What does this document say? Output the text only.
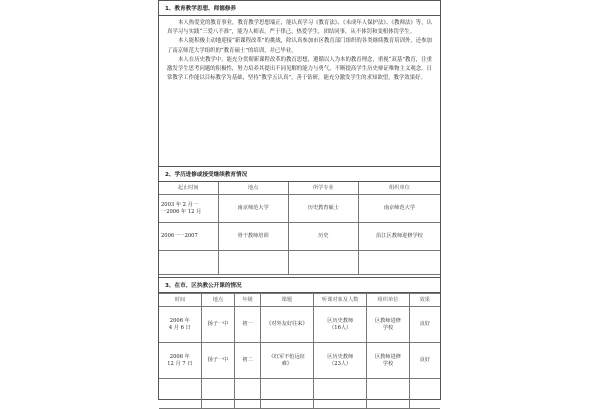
1、教育教学思想、师德修养

本人热爱党的教育事业，教育教学思想端正，能认真学习《教育法》、《未成年人保护法》、《教师法》等，认真学习与实践“三爱八不准”，能为人师表，严于律己，热爱学生，团结同事，从不体罚和变相体罚学生。

本人能积极主动地迎接“新课程改革”的挑战，除认真参加市区教育部门组织的各类继续教育培训外，还参加了南京师范大学组织的“教育硕士”的培训，并已毕业。

本人在历史教学中，能充分贯彻新课程改革的教育思想，遵循以人为本的教育理念，重视“双基”教育，注重激发学生思考问题的积极性，努力培养其提出不同见解的能力与勇气，不断提高学生历史辩证唯物主义观念。日常教学工作能以目标教学为基础，坚持“教学五认真”，善于钻研，能充分激发学生的求知欲望，教学效果好。

2、学历进修或接受继续教育情况
起止时间	地点	所学专业	组织单位

2003 年 2 月一
一2006 年 12 月	南京师范大学	历史教育硕士	南京师范大学
2006一一2007	骨干教师培训	历史	沿江区教师进修学校

3、在市、区执教公开课的情况
时间	地点	年级	课题	听课对象及人数	组织单位	效果

2006 年
4 月 6 日	扬子一中	初一	《对外友好往来》	区历史教师
（16人）	区教师进修
学校	良好

2006 年
12 月 7 日	扬子一中	初二	《红军不怕远征
难》	区历史教师
（23人）	区教师进修
学校	良好
